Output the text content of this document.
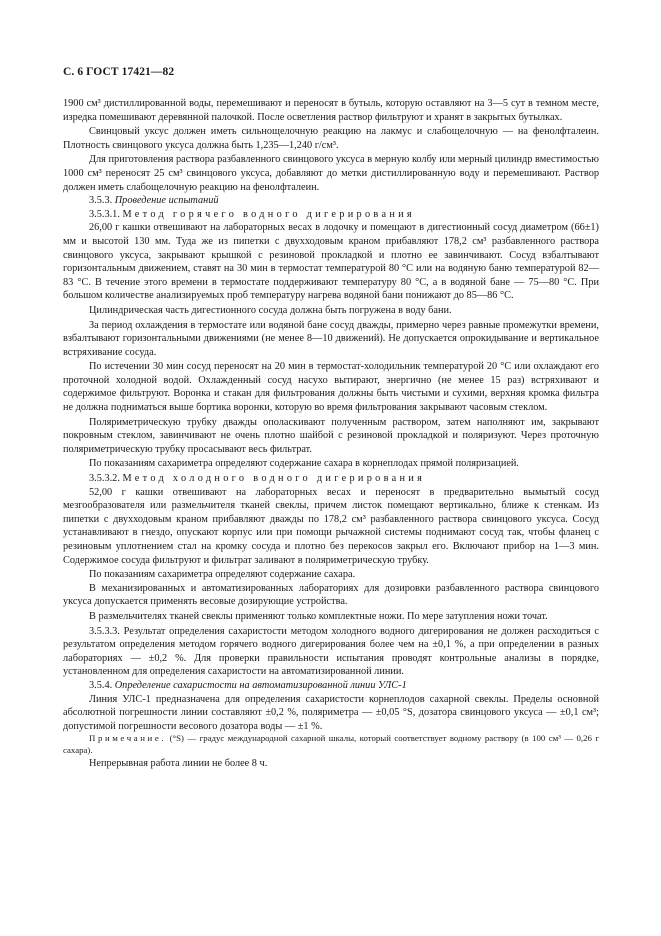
С. 6 ГОСТ 17421—82

1900 см³ дистиллированной воды, перемешивают и переносят в бутыль, которую оставляют на 3—5 сут в темном месте, изредка помешивают деревянной палочкой. После осветления раствор фильтруют и хранят в закрытых бутылках.

Свинцовый уксус должен иметь сильнощелочную реакцию на лакмус и слабощелочную — на фенолфталеин. Плотность свинцового уксуса должна быть 1,235—1,240 г/см³.

Для приготовления раствора разбавленного свинцового уксуса в мерную колбу или мерный цилиндр вместимостью 1000 см³ переносят 25 см³ свинцового уксуса, добавляют до метки дистиллированную воду и перемешивают. Раствор должен иметь слабощелочную реакцию на фенолфталеин.

3.5.3. Проведение испытаний

3.5.3.1. Метод горячего водного дигерирования

26,00 г кашки отвешивают на лабораторных весах в лодочку и помещают в дигестионный сосуд диаметром (66±1) мм и высотой 130 мм. Туда же из пипетки с двухходовым краном прибавляют 178,2 см³ разбавленного раствора свинцового уксуса, закрывают крышкой с резиновой прокладкой и плотно ее завинчивают. Сосуд взбалтывают горизонтальным движением, ставят на 30 мин в термостат температурой 80 °С или на водяную баню температурой 82—83 °С. В течение этого времени в термостате поддерживают температуру 80 °С, а в водяной бане — 75—80 °С. При большом количестве анализируемых проб температуру нагрева водяной бани понижают до 85—86 °С.

Цилиндрическая часть дигестионного сосуда должна быть погружена в воду бани.

За период охлаждения в термостате или водяной бане сосуд дважды, примерно через равные промежутки времени, взбалтывают горизонтальными движениями (не менее 8—10 движений). Не допускается опрокидывание и вертикальное встряхивание сосуда.

По истечении 30 мин сосуд переносят на 20 мин в термостат-холодильник температурой 20 °С или охлаждают его проточной холодной водой. Охлажденный сосуд насухо вытирают, энергично (не менее 15 раз) встряхивают и содержимое фильтруют. Воронка и стакан для фильтрования должны быть чистыми и сухими, верхняя кромка фильтра не должна подниматься выше бортика воронки, которую во время фильтрования закрывают часовым стеклом.

Поляриметрическую трубку дважды ополаскивают полученным раствором, затем наполняют им, закрывают покровным стеклом, завинчивают не очень плотно шайбой с резиновой прокладкой и поляризуют. Через проточную поляриметрическую трубку просасывают весь фильтрат.

По показаниям сахариметра определяют содержание сахара в корнеплодах прямой поляризацией.

3.5.3.2. Метод холодного водного дигерирования

52,00 г кашки отвешивают на лабораторных весах и переносят в предварительно вымытый сосуд мезгообразователя или размельчителя тканей свеклы, причем листок помещают вертикально, ближе к стенкам. Из пипетки с двухходовым краном прибавляют дважды по 178,2 см³ разбавленного раствора свинцового уксуса. Сосуд устанавливают в гнездо, опускают корпус или при помощи рычажной системы поднимают сосуд так, чтобы фланец с резиновым уплотнением стал на кромку сосуда и плотно без перекосов закрыл его. Включают прибор на 1—3 мин. Содержимое сосуда фильтруют и фильтрат заливают в поляриметрическую трубку.

По показаниям сахариметра определяют содержание сахара.

В механизированных и автоматизированных лабораториях для дозировки разбавленного раствора свинцового уксуса допускается применять весовые дозирующие устройства.

В размельчителях тканей свеклы применяют только комплектные ножи. По мере затупления ножи точат.

3.5.3.3. Результат определения сахаристости методом холодного водного дигерирования не должен расходиться с результатом определения методом горячего водного дигерирования более чем на ±0,1 %, а при определении в разных лабораториях — ±0,2 %. Для проверки правильности испытания проводят контрольные анализы в порядке, установленном для определения сахаристости на автоматизированной линии.

3.5.4. Определение сахаристости на автоматизированной линии УЛС-1

Линия УЛС-1 предназначена для определения сахаристости корнеплодов сахарной свеклы. Пределы основной абсолютной погрешности линии составляют ±0,2 %, поляриметра — ±0,05 °S, дозатора свинцового уксуса — ±0,1 см³; допустимой погрешности весового дозатора воды — ±1 %.

Примечание. (°S) — градус международной сахарной шкалы, который соответствует водному раствору (в 100 см³ — 0,26 г сахара).

Непрерывная работа линии не более 8 ч.
